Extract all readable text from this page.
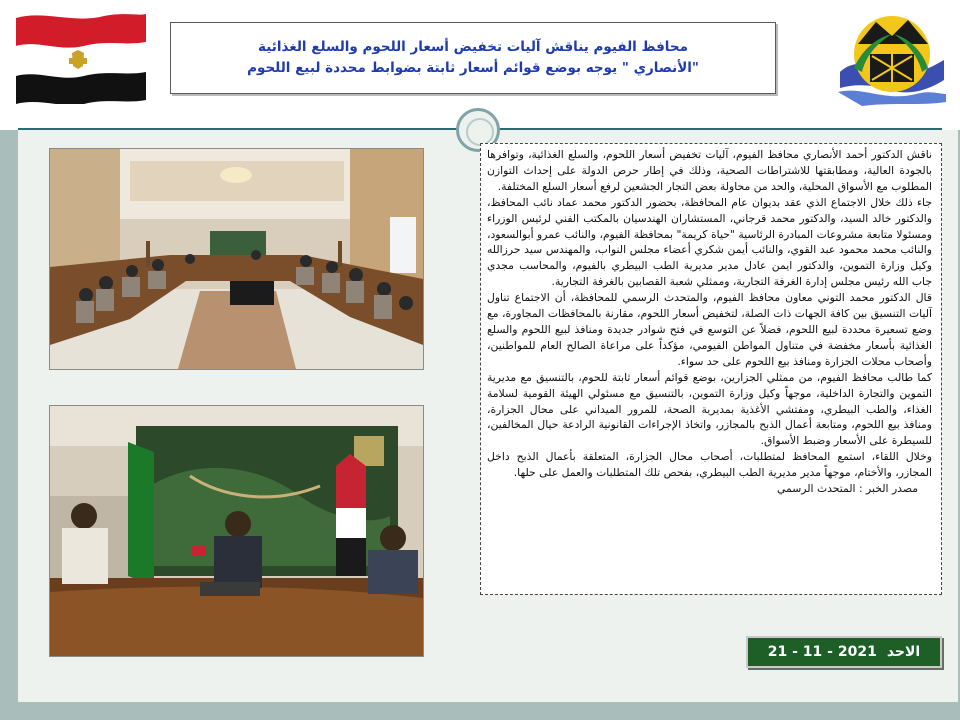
محافظ الفيوم يناقش آليات تخفيض أسعار اللحوم والسلع الغذائية
"الأنصاري " يوجه بوضع قوائم أسعار ثابتة بضوابط محددة لبيع اللحوم

ناقش الدكتور أحمد الأنصاري محافظ الفيوم، آليات تخفيض أسعار اللحوم، والسلع الغذائية، وتوافرها بالجودة العالية، ومطابقتها للاشتراطات الصحية، وذلك في إطار حرص الدولة على إحداث التوازن المطلوب مع الأسواق المحلية، والحد من محاولة بعض التجار الجشعين لرفع أسعار السلع المختلفة.

جاء ذلك خلال الاجتماع الذي عقد بديوان عام المحافظة، بحضور الدكتور محمد عماد نائب المحافظ، والدكتور خالد السيد، والدكتور محمد قرجاني، المستشاران الهندسيان بالمكتب الفني لرئيس الوزراء ومسئولا متابعة مشروعات المبادرة الرئاسية "حياة كريمة" بمحافظة الفيوم، والنائب عمرو أبوالسعود، والنائب محمد محمود عبد القوي، والنائب أيمن شكري أعضاء مجلس النواب، والمهندس سيد حرزالله وكيل وزارة التموين، والدكتور ايمن عادل مدير مديرية الطب البيطري بالفيوم، والمحاسب مجدي جاب الله رئيس مجلس إدارة الغرفة التجارية، وممثلي شعبة القصابين بالغرفة التجارية.

قال الدكتور محمد التوني معاون محافظ الفيوم، والمتحدث الرسمي للمحافظة، أن الاجتماع تناول آليات التنسيق بين كافة الجهات ذات الصلة، لتخفيض أسعار اللحوم، مقارنة بالمحافظات المجاورة، مع وضع تسعيرة محددة لبيع اللحوم، فضلاً عن التوسع في فتح شوادر جديدة ومنافذ لبيع اللحوم والسلع الغذائية بأسعار مخفضة في متناول المواطن الفيومي، مؤكداً على مراعاة الصالح العام للمواطنين، وأصحاب محلات الجزارة ومنافذ بيع اللحوم على حد سواء.

كما طالب محافظ الفيوم، من ممثلي الجزارين، بوضع قوائم أسعار ثابتة للحوم، بالتنسيق مع مديرية التموين والتجارة الداخلية، موجهاً وكيل وزارة التموين، بالتنسيق مع مسئولي الهيئة القومية لسلامة الغذاء، والطب البيطري، ومفتشي الأغذية بمديرية الصحة، للمرور الميداني على محال الجزارة، ومنافذ بيع اللحوم، ومتابعة أعمال الذبح بالمجازر، واتخاذ الإجراءات القانونية الرادعة حيال المخالفين، للسيطرة على الأسعار وضبط الأسواق.

وخلال اللقاء، استمع المحافظ لمتطلبات، أصحاب محال الجزارة، المتعلقة بأعمال الذبح داخل المجازر، والأختام، موجهاً مدير مديرية الطب البيطري، بفحص تلك المتطلبات والعمل على حلها.

مصدر الخبر : المتحدث الرسمي

21 - 11 - 2021 الاحد
